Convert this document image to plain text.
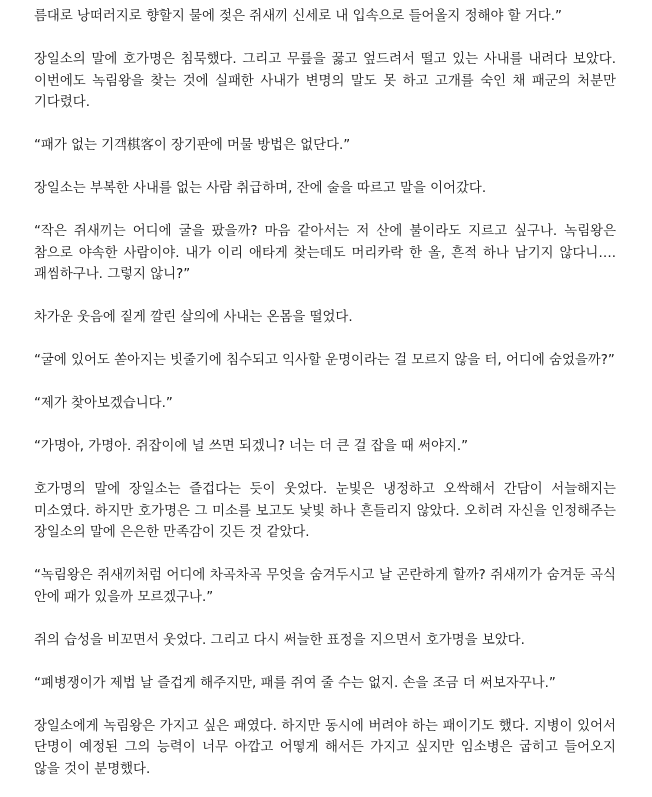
름대로 낭떠러지로 향할지 물에 젖은 쥐새끼 신세로 내 입속으로 들어올지 정해야 할 거다.”

장일소의 말에 호가명은 침묵했다. 그리고 무릎을 꿇고 엎드려서 떨고 있는 사내를 내려다 보았다. 이번에도 녹림왕을 찾는 것에 실패한 사내가 변명의 말도 못 하고 고개를 숙인 채 패군의 처분만 기다렸다.

“패가 없는 기객棋客이 장기판에 머물 방법은 없단다.”

장일소는 부복한 사내를 없는 사람 취급하며, 잔에 술을 따르고 말을 이어갔다.

“작은 쥐새끼는 어디에 굴을 팠을까? 마음 같아서는 저 산에 불이라도 지르고 싶구나. 녹림왕은 참으로 야속한 사람이야. 내가 이리 애타게 찾는데도 머리카락 한 올, 흔적 하나 남기지 않다니…. 괘씸하구나. 그렇지 않니?”

차가운 웃음에 짙게 깔린 살의에 사내는 온몸을 떨었다.

“굴에 있어도 쏟아지는 빗줄기에 침수되고 익사할 운명이라는 걸 모르지 않을 터, 어디에 숨었을까?”

“제가 찾아보겠습니다.”

“가명아, 가명아. 쥐잡이에 널 쓰면 되겠니? 너는 더 큰 걸 잡을 때 써야지.”

호가명의 말에 장일소는 즐겁다는 듯이 웃었다. 눈빛은 냉정하고 오싹해서 간담이 서늘해지는 미소였다. 하지만 호가명은 그 미소를 보고도 낯빛 하나 흔들리지 않았다. 오히려 자신을 인정해주는 장일소의 말에 은은한 만족감이 깃든 것 같았다.

“녹림왕은 쥐새끼처럼 어디에 차곡차곡 무엇을 숨겨두시고 날 곤란하게 할까? 쥐새끼가 숨겨둔 곡식 안에 패가 있을까 모르겠구나.”

쥐의 습성을 비꼬면서 웃었다. 그리고 다시 써늘한 표정을 지으면서 호가명을 보았다.

“폐병쟁이가 제법 날 즐겁게 해주지만, 패를 쥐여 줄 수는 없지. 손을 조금 더 써보자꾸나.”

장일소에게 녹림왕은 가지고 싶은 패였다. 하지만 동시에 버려야 하는 패이기도 했다. 지병이 있어서 단명이 예정된 그의 능력이 너무 아깝고 어떻게 해서든 가지고 싶지만 임소병은 굽히고 들어오지 않을 것이 분명했다.
